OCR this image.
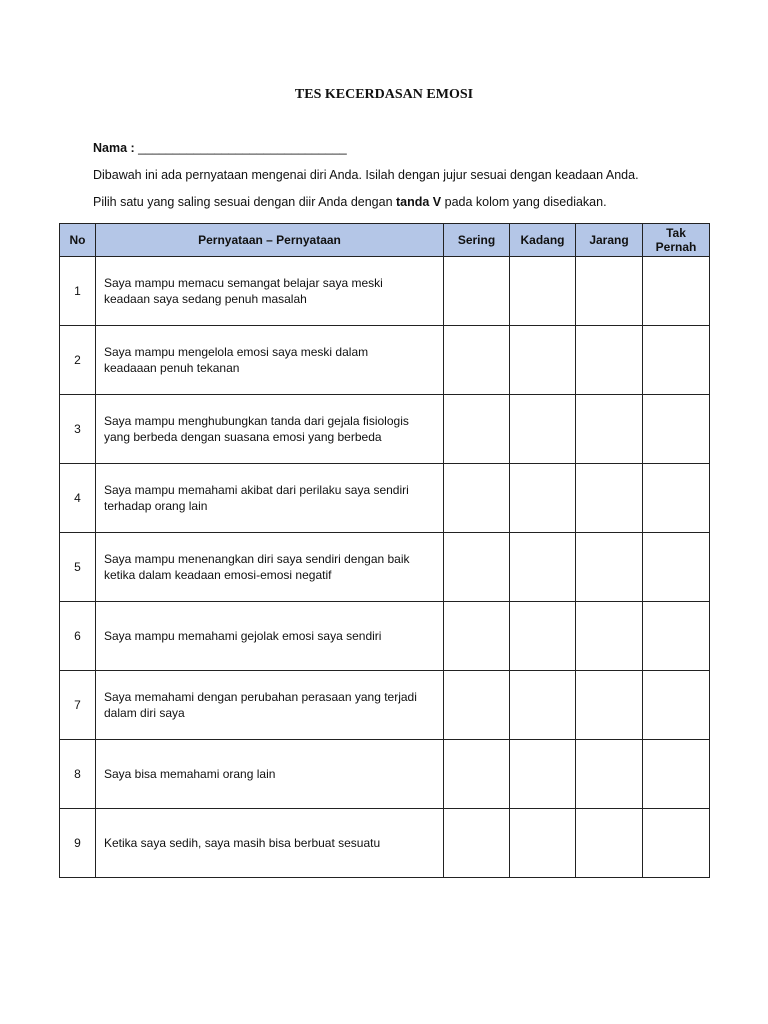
TES KECERDASAN EMOSI
Nama : ______________________________
Dibawah ini ada pernyataan mengenai diri Anda. Isilah dengan jujur sesuai dengan keadaan Anda.
Pilih satu yang saling sesuai dengan diir Anda dengan tanda V pada kolom yang disediakan.
No	Pernyataan – Pernyataan	Sering	Kadang	Jarang	Tak
Pernah
1	Saya mampu memacu semangat belajar saya meski
keadaan saya sedang penuh masalah				
2	Saya mampu mengelola emosi saya meski dalam
keadaaan penuh tekanan				
3	Saya mampu menghubungkan tanda dari gejala fisiologis
yang berbeda dengan suasana emosi yang berbeda				
4	Saya mampu memahami akibat dari perilaku saya sendiri
terhadap orang lain				
5	Saya mampu menenangkan diri saya sendiri dengan baik
ketika dalam keadaan emosi-emosi negatif				
6	Saya mampu memahami gejolak emosi saya sendiri				
7	Saya memahami dengan perubahan perasaan yang terjadi
dalam diri saya				
8	Saya bisa memahami orang lain				
9	Ketika saya sedih, saya masih bisa berbuat sesuatu				
